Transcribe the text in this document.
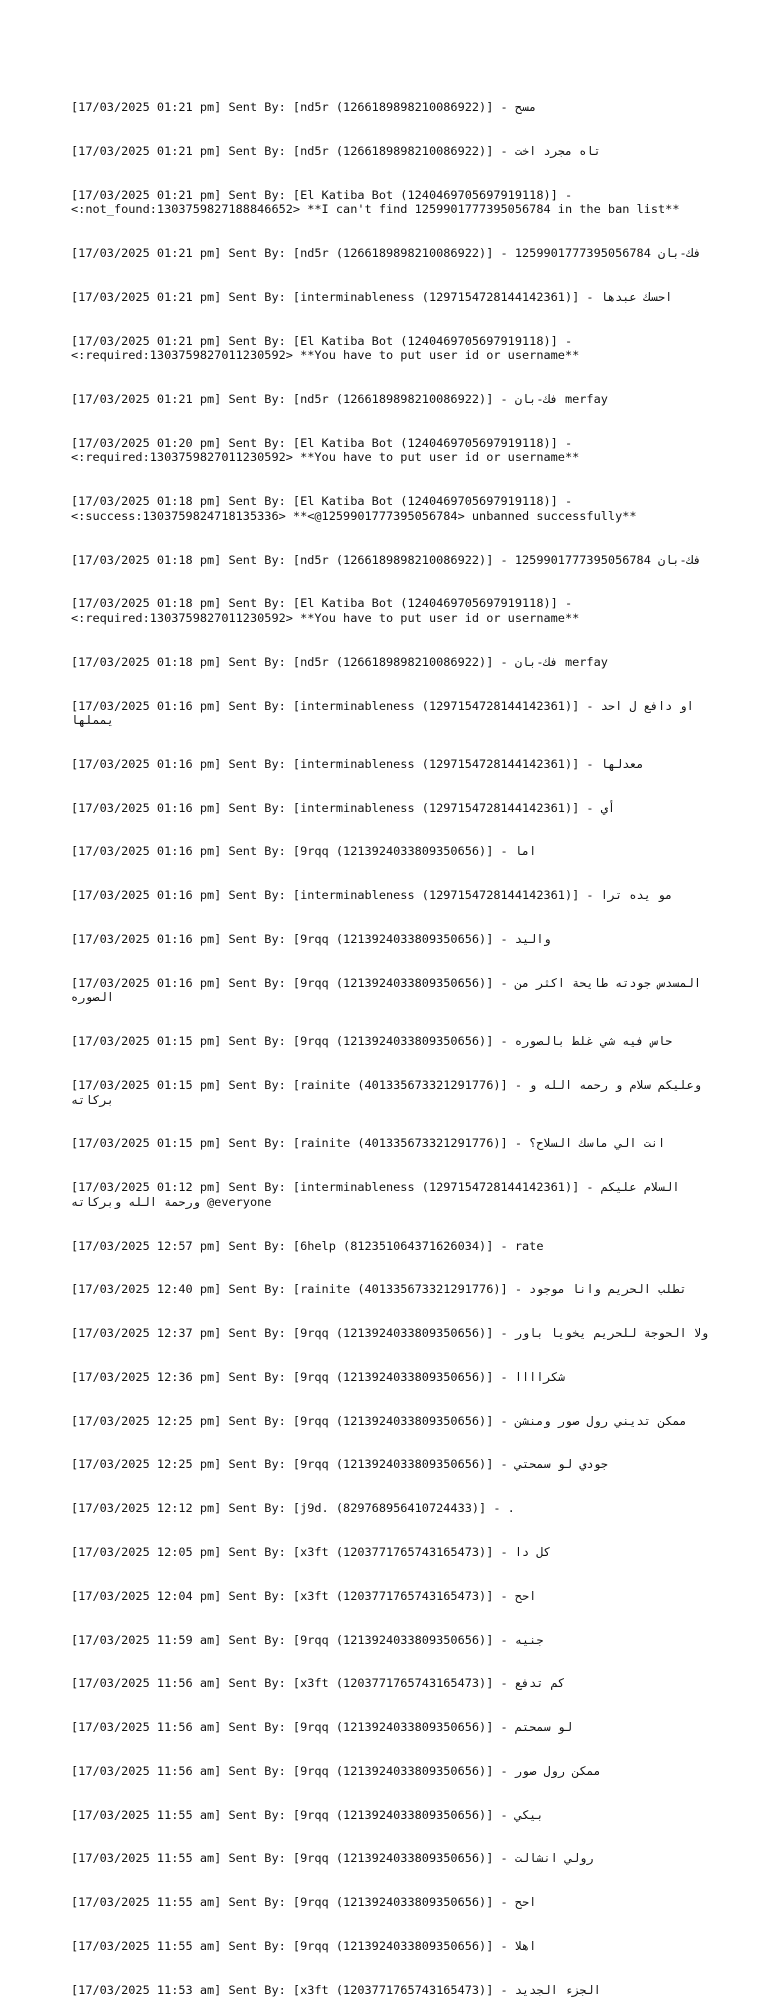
[17/03/2025 01:21 pm] Sent By: [nd5r (1266189898210086922)] - مسح

[17/03/2025 01:21 pm] Sent By: [nd5r (1266189898210086922)] - تاه مجرد اخت

[17/03/2025 01:21 pm] Sent By: [El Katiba Bot (1240469705697919118)] - <:not_found:1303759827188846652> **I can't find 1259901777395056784 in the ban list**

[17/03/2025 01:21 pm] Sent By: [nd5r (1266189898210086922)] - فك-بان 1259901777395056784

[17/03/2025 01:21 pm] Sent By: [interminableness (1297154728144142361)] - احسك عبدها

[17/03/2025 01:21 pm] Sent By: [El Katiba Bot (1240469705697919118)] - <:required:1303759827011230592> **You have to put user id or username**

[17/03/2025 01:21 pm] Sent By: [nd5r (1266189898210086922)] - فك-بان merfay

[17/03/2025 01:20 pm] Sent By: [El Katiba Bot (1240469705697919118)] - <:required:1303759827011230592> **You have to put user id or username**

[17/03/2025 01:18 pm] Sent By: [El Katiba Bot (1240469705697919118)] - <:success:1303759824718135336> **<@1259901777395056784> unbanned successfully**

[17/03/2025 01:18 pm] Sent By: [nd5r (1266189898210086922)] - فك-بان 1259901777395056784

[17/03/2025 01:18 pm] Sent By: [El Katiba Bot (1240469705697919118)] - <:required:1303759827011230592> **You have to put user id or username**

[17/03/2025 01:18 pm] Sent By: [nd5r (1266189898210086922)] - فك-بان merfay

[17/03/2025 01:16 pm] Sent By: [interminableness (1297154728144142361)] - او دافع ل احد يمملها

[17/03/2025 01:16 pm] Sent By: [interminableness (1297154728144142361)] - معدلها

[17/03/2025 01:16 pm] Sent By: [interminableness (1297154728144142361)] - أي

[17/03/2025 01:16 pm] Sent By: [9rqq (1213924033809350656)] - اما

[17/03/2025 01:16 pm] Sent By: [interminableness (1297154728144142361)] - مو يده ترا

[17/03/2025 01:16 pm] Sent By: [9rqq (1213924033809350656)] - واليد

[17/03/2025 01:16 pm] Sent By: [9rqq (1213924033809350656)] - المسدس جودته طايحة اكثر من الصوره

[17/03/2025 01:15 pm] Sent By: [9rqq (1213924033809350656)] - حاس فيه شي غلط بالصوره

[17/03/2025 01:15 pm] Sent By: [rainite (401335673321291776)] - وعليكم سلام و رحمه الله و بركاته

[17/03/2025 01:15 pm] Sent By: [rainite (401335673321291776)] - انت الي ماسك السلاح؟

[17/03/2025 01:12 pm] Sent By: [interminableness (1297154728144142361)] - السلام عليكم ورحمة الله وبركاته @everyone

[17/03/2025 12:57 pm] Sent By: [6help (812351064371626034)] - rate

[17/03/2025 12:40 pm] Sent By: [rainite (401335673321291776)] - تطلب الحريم وانا موجود

[17/03/2025 12:37 pm] Sent By: [9rqq (1213924033809350656)] - ولا الحوجة للحريم يخويا باور

[17/03/2025 12:36 pm] Sent By: [9rqq (1213924033809350656)] - شكراااا

[17/03/2025 12:25 pm] Sent By: [9rqq (1213924033809350656)] - ممكن تديني رول صور ومنشن

[17/03/2025 12:25 pm] Sent By: [9rqq (1213924033809350656)] - جودي لو سمحتي

[17/03/2025 12:12 pm] Sent By: [j9d. (829768956410724433)] - .

[17/03/2025 12:05 pm] Sent By: [x3ft (1203771765743165473)] - كل دا

[17/03/2025 12:04 pm] Sent By: [x3ft (1203771765743165473)] - احح

[17/03/2025 11:59 am] Sent By: [9rqq (1213924033809350656)] - جنيه

[17/03/2025 11:56 am] Sent By: [x3ft (1203771765743165473)] - كم تدفع

[17/03/2025 11:56 am] Sent By: [9rqq (1213924033809350656)] - لو سمحتم

[17/03/2025 11:56 am] Sent By: [9rqq (1213924033809350656)] - ممكن رول صور

[17/03/2025 11:55 am] Sent By: [9rqq (1213924033809350656)] - بيكي

[17/03/2025 11:55 am] Sent By: [9rqq (1213924033809350656)] - رولي انشالت

[17/03/2025 11:55 am] Sent By: [9rqq (1213924033809350656)] - احح

[17/03/2025 11:55 am] Sent By: [9rqq (1213924033809350656)] - اهلا

[17/03/2025 11:53 am] Sent By: [x3ft (1203771765743165473)] - الجزء الجديد
